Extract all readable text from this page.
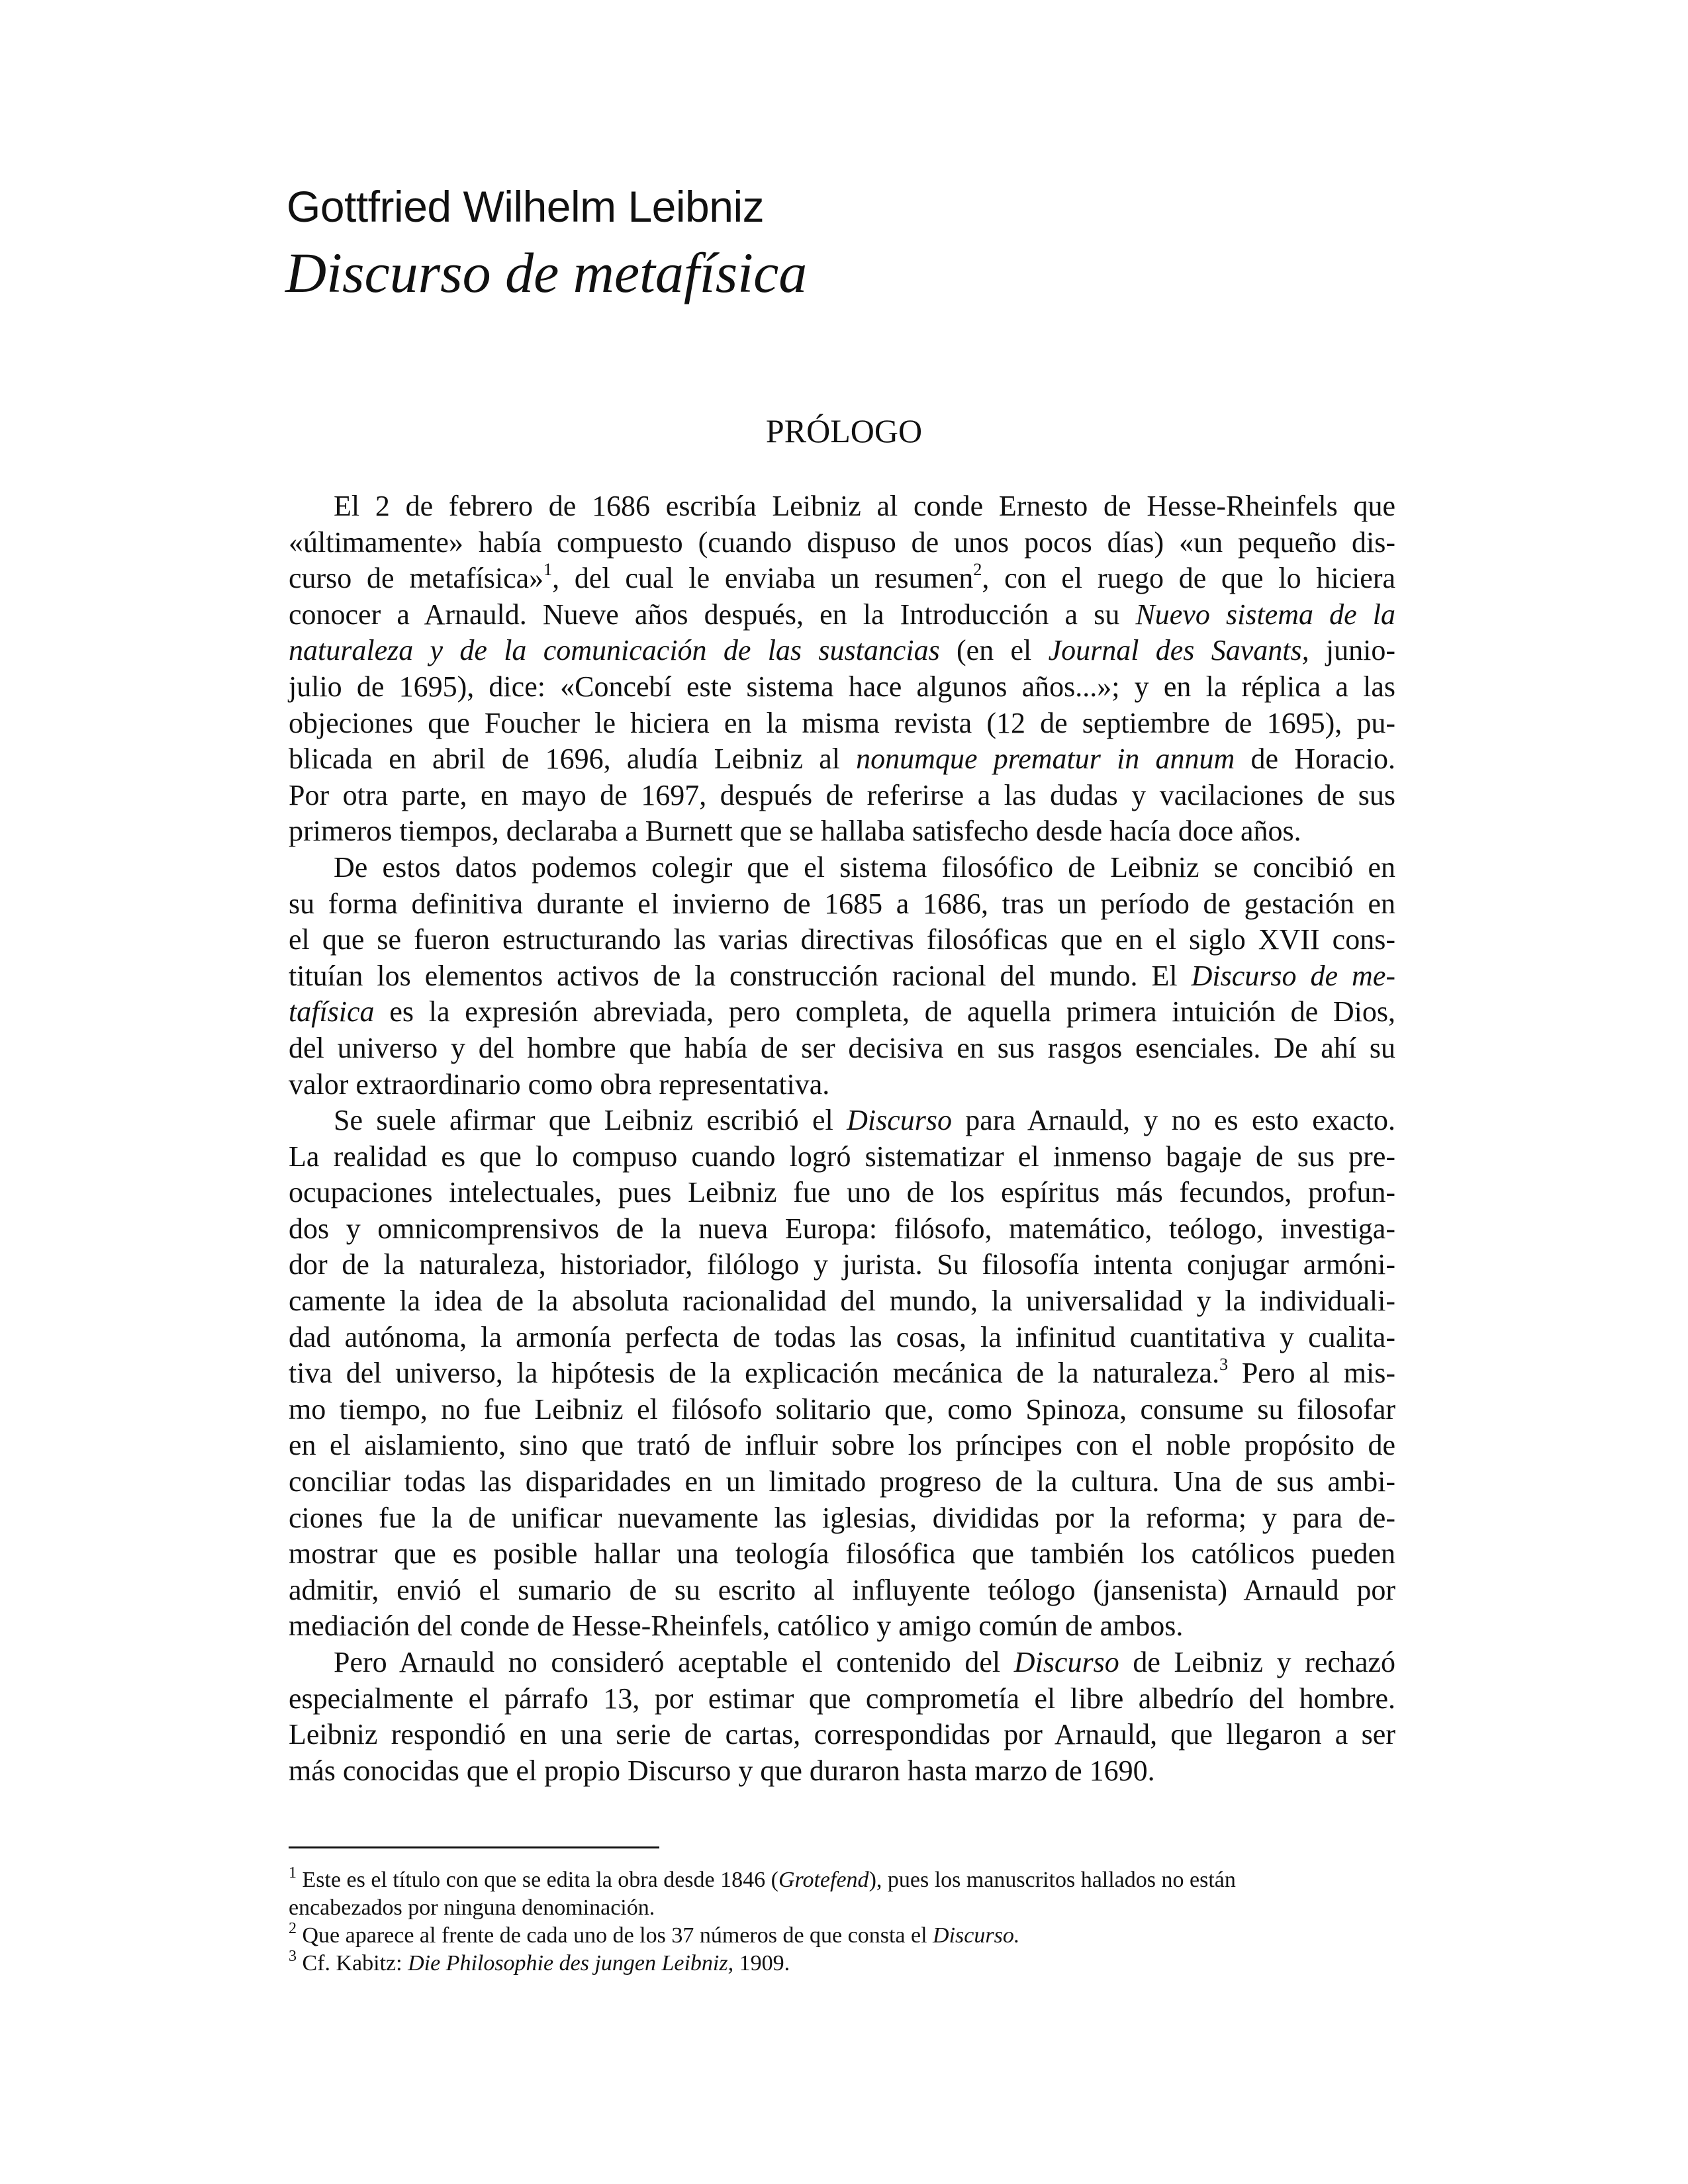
Gottfried Wilhelm Leibniz
Discurso de metafísica
PRÓLOGO
El 2 de febrero de 1686 escribía Leibniz al conde Ernesto de Hesse-Rheinfels que
«últimamente» había compuesto (cuando dispuso de unos pocos días) «un pequeño dis-
curso de metafísica»$^1$, del cual le enviaba un resumen$^2$, con el ruego de que lo hiciera
conocer a Arnauld. Nueve años después, en la Introducción a su Nuevo sistema de la
naturaleza y de la comunicación de las sustancias (en el Journal des Savants, junio-
julio de 1695), dice: «Concebí este sistema hace algunos años...»; y en la réplica a las
objeciones que Foucher le hiciera en la misma revista (12 de septiembre de 1695), pu-
blicada en abril de 1696, aludía Leibniz al nonumque prematur in annum de Horacio.
Por otra parte, en mayo de 1697, después de referirse a las dudas y vacilaciones de sus
primeros tiempos, declaraba a Burnett que se hallaba satisfecho desde hacía doce años.
De estos datos podemos colegir que el sistema filosófico de Leibniz se concibió en
su forma definitiva durante el invierno de 1685 a 1686, tras un período de gestación en
el que se fueron estructurando las varias directivas filosóficas que en el siglo XVII cons-
tituían los elementos activos de la construcción racional del mundo. El Discurso de me-
tafísica es la expresión abreviada, pero completa, de aquella primera intuición de Dios,
del universo y del hombre que había de ser decisiva en sus rasgos esenciales. De ahí su
valor extraordinario como obra representativa.
Se suele afirmar que Leibniz escribió el Discurso para Arnauld, y no es esto exacto.
La realidad es que lo compuso cuando logró sistematizar el inmenso bagaje de sus pre-
ocupaciones intelectuales, pues Leibniz fue uno de los espíritus más fecundos, profun-
dos y omnicomprensivos de la nueva Europa: filósofo, matemático, teólogo, investiga-
dor de la naturaleza, historiador, filólogo y jurista. Su filosofía intenta conjugar armóni-
camente la idea de la absoluta racionalidad del mundo, la universalidad y la individuali-
dad autónoma, la armonía perfecta de todas las cosas, la infinitud cuantitativa y cualita-
tiva del universo, la hipótesis de la explicación mecánica de la naturaleza.$^3$ Pero al mis-
mo tiempo, no fue Leibniz el filósofo solitario que, como Spinoza, consume su filosofar
en el aislamiento, sino que trató de influir sobre los príncipes con el noble propósito de
conciliar todas las disparidades en un limitado progreso de la cultura. Una de sus ambi-
ciones fue la de unificar nuevamente las iglesias, divididas por la reforma; y para de-
mostrar que es posible hallar una teología filosófica que también los católicos pueden
admitir, envió el sumario de su escrito al influyente teólogo (jansenista) Arnauld por
mediación del conde de Hesse-Rheinfels, católico y amigo común de ambos.
Pero Arnauld no consideró aceptable el contenido del Discurso de Leibniz y rechazó
especialmente el párrafo 13, por estimar que comprometía el libre albedrío del hombre.
Leibniz respondió en una serie de cartas, correspondidas por Arnauld, que llegaron a ser
más conocidas que el propio Discurso y que duraron hasta marzo de 1690.
$^1$ Este es el título con que se edita la obra desde 1846 (Grotefend), pues los manuscritos hallados no están
encabezados por ninguna denominación.
$^2$ Que aparece al frente de cada uno de los 37 números de que consta el Discurso.
$^3$ Cf. Kabitz: Die Philosophie des jungen Leibniz, 1909.
